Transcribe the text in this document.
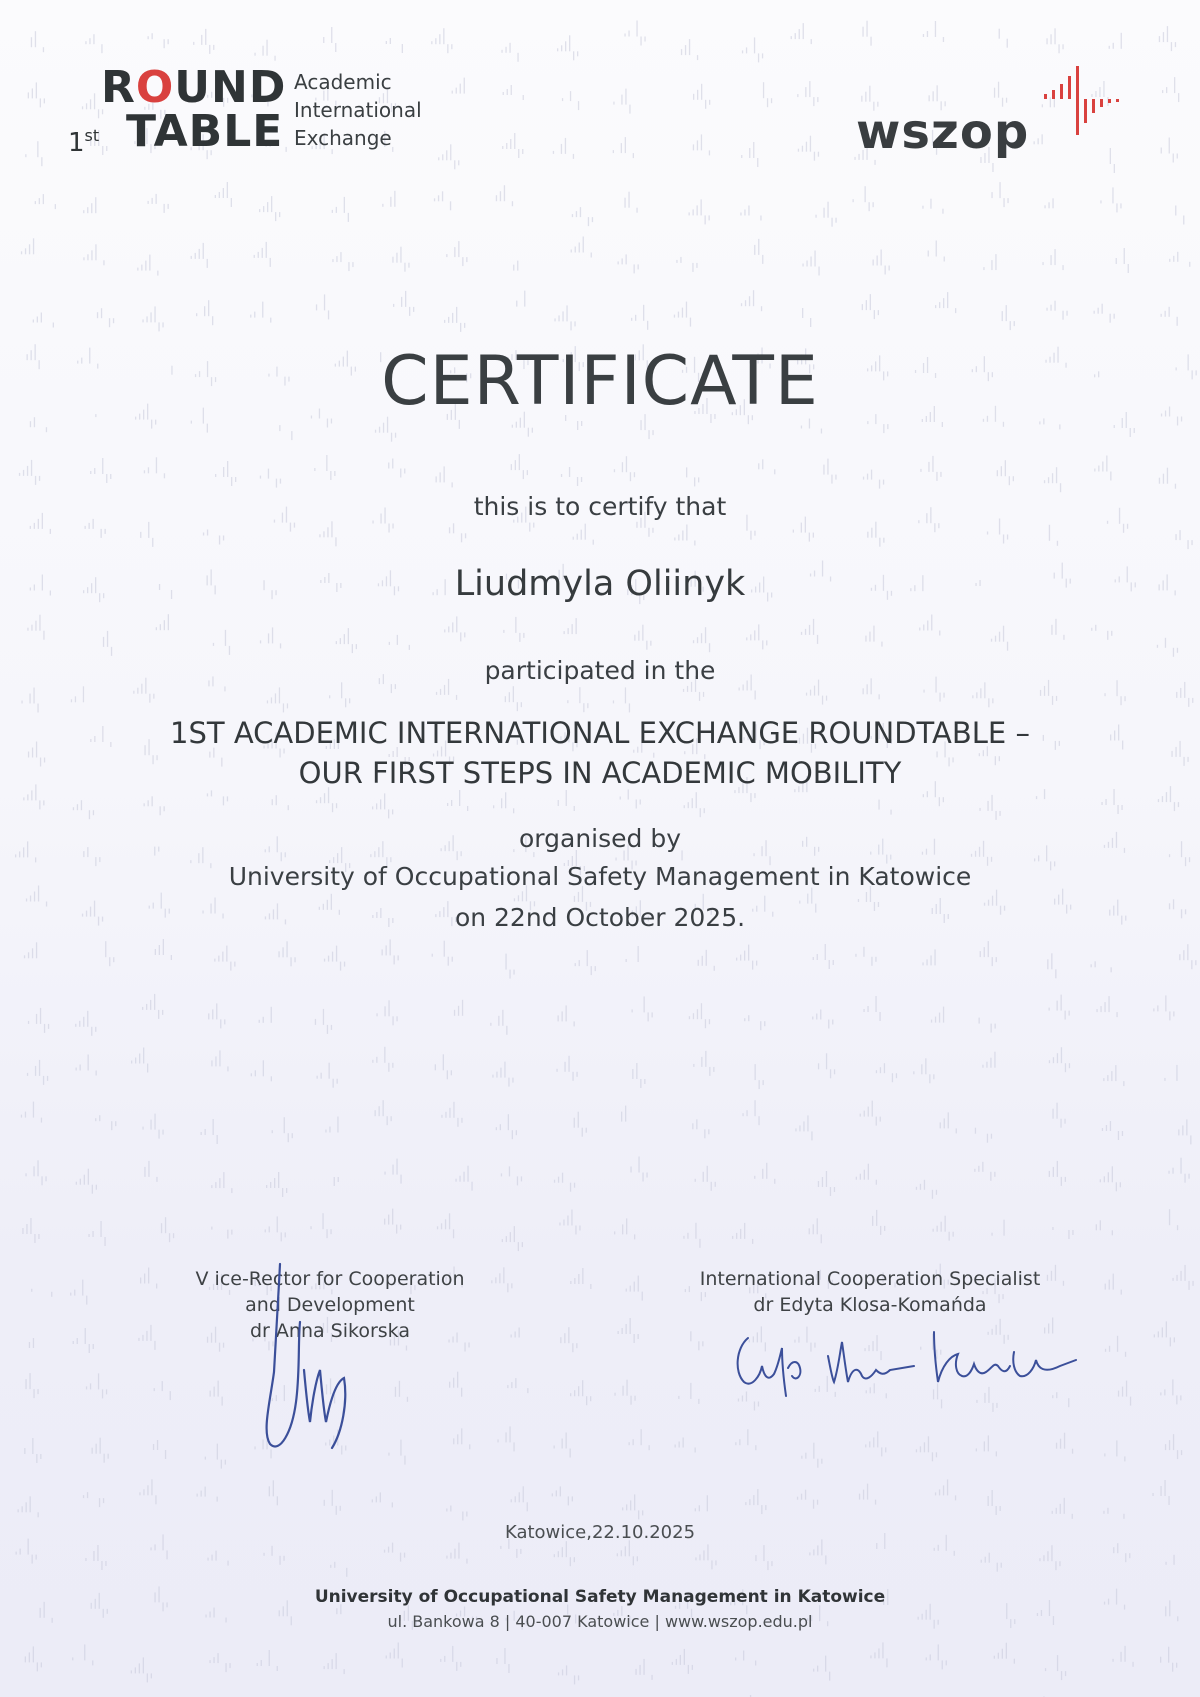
ROUND
1st TABLE
Academic
International
Exchange	wszop
CERTIFICATE
this is to certify that
Liudmyla Oliinyk
participated in the
1ST ACADEMIC INTERNATIONAL EXCHANGE ROUNDTABLE –
OUR FIRST STEPS IN ACADEMIC MOBILITY
organised by
University of Occupational Safety Management in Katowice
on 22nd October 2025.
V ice-Rector for Cooperation
and Development
dr Anna Sikorska
International Cooperation Specialist
dr Edyta Klosa-Komańda
Katowice,22.10.2025
University of Occupational Safety Management in Katowice
ul. Bankowa 8 | 40-007 Katowice | www.wszop.edu.pl
